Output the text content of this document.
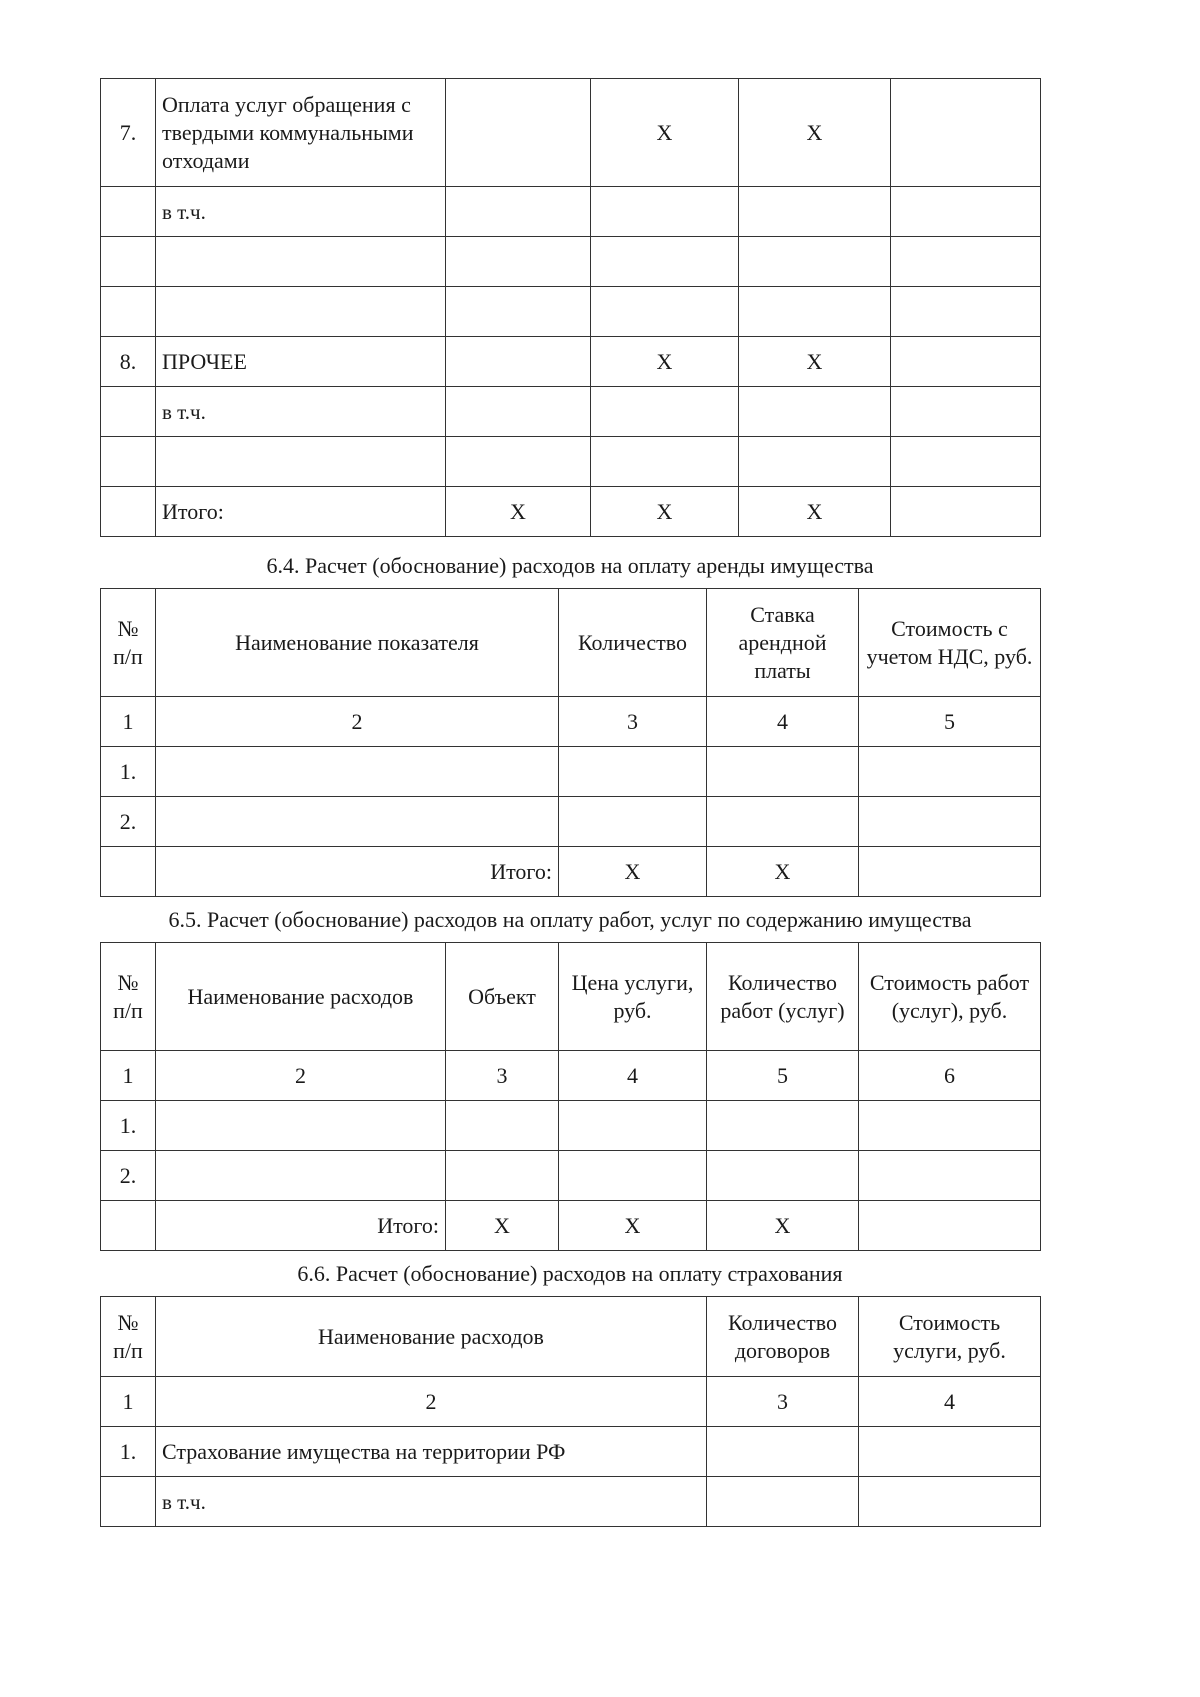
7.	Оплата услуг обращения с твердыми коммунальными отходами		X	X	
	в т.ч.				

8.	ПРОЧЕЕ		X	X	
	в т.ч.				

	Итого:	X	X	X	
6.4. Расчет (обоснование) расходов на оплату аренды имущества
№ п/п	Наименование показателя	Количество	Ставка арендной платы	Стоимость с учетом НДС, руб.
1	2	3	4	5
1.				
2.				
	Итого:	X	X	
6.5. Расчет (обоснование) расходов на оплату работ, услуг по содержанию имущества
№ п/п	Наименование расходов	Объект	Цена услуги, руб.	Количество работ (услуг)	Стоимость работ (услуг), руб.
1	2	3	4	5	6
1.					
2.					
	Итого:	X	X	X	
6.6. Расчет (обоснование) расходов на оплату страхования
№ п/п	Наименование расходов	Количество договоров	Стоимость услуги, руб.
1	2	3	4
1.	Страхование имущества на территории РФ		
	в т.ч.		
